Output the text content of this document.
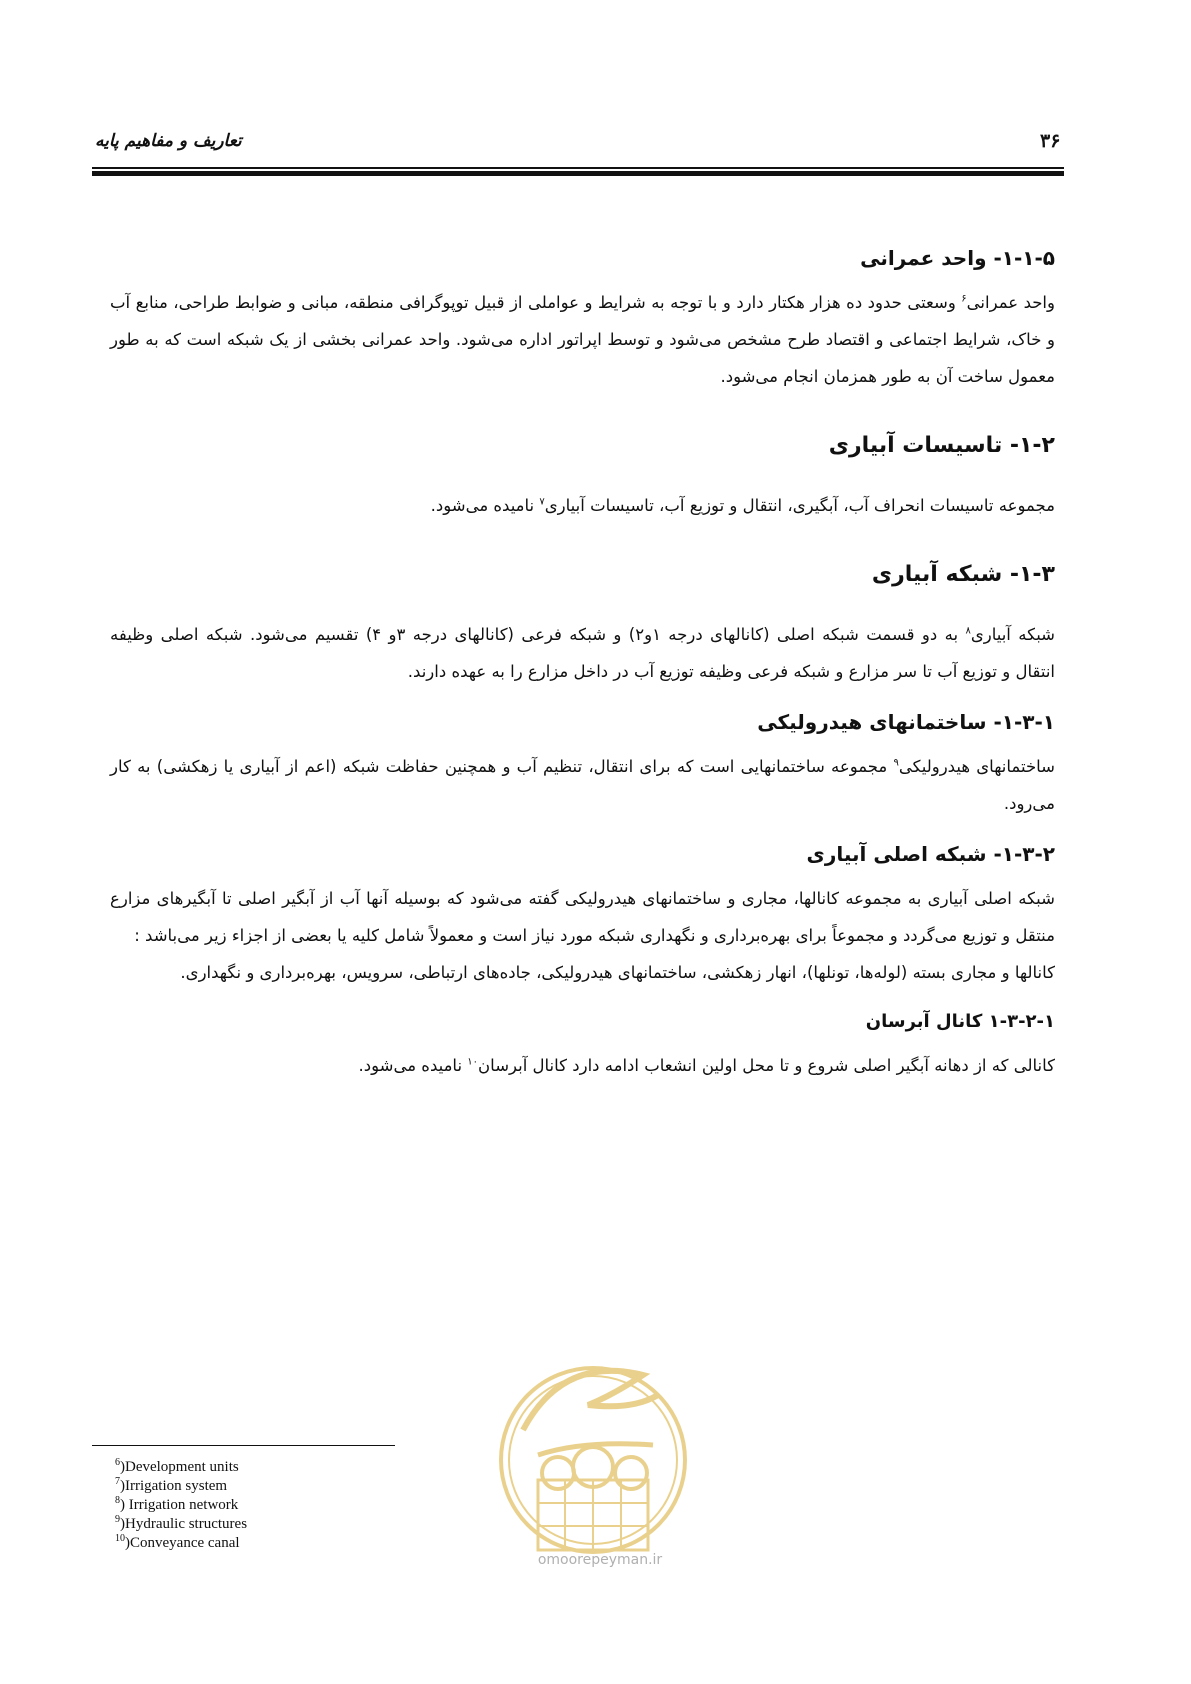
۳۶
تعاریف و مفاهیم پایه
۱-۱-۵- واحد عمرانی

واحد عمرانی$^۶$ وسعتی حدود ده هزار هکتار دارد و با توجه به شرایط و عواملی از قبیل توپوگرافی منطقه، مبانی و ضوابط طراحی، منابع آب و خاک، شرایط اجتماعی و اقتصاد طرح مشخص می‌شود و توسط اپراتور اداره می‌شود. واحد عمرانی بخشی از یک شبکه است که به طور معمول ساخت آن به طور همزمان انجام می‌شود.

۱-۲- تاسیسات آبیاری

مجموعه تاسیسات انحراف آب، آبگیری، انتقال و توزیع آب، تاسیسات آبیاری$^۷$ نامیده می‌شود.

۱-۳- شبکه آبیاری

شبکه آبیاری$^۸$ به دو قسمت شبکه اصلی (کانالهای درجه ۱و۲) و شبکه فرعی (کانالهای درجه ۳و ۴) تقسیم می‌شود. شبکه اصلی وظیفه انتقال و توزیع آب تا سر مزارع و شبکه فرعی وظیفه توزیع آب در داخل مزارع را به عهده دارند.

۱-۳-۱- ساختمانهای هیدرولیکی

ساختمانهای هیدرولیکی$^۹$ مجموعه ساختمانهایی است که برای انتقال، تنظیم آب و همچنین حفاظت شبکه (اعم از آبیاری یا زهکشی) به کار می‌رود.

۱-۳-۲- شبکه اصلی آبیاری

شبکه اصلی آبیاری به مجموعه کانالها، مجاری و ساختمانهای هیدرولیکی گفته می‌شود که بوسیله آنها آب از آبگیر اصلی تا آبگیرهای مزارع منتقل و توزیع می‌گردد و مجموعاً برای بهره‌برداری و نگهداری شبکه مورد نیاز است و معمولاً شامل کلیه یا بعضی از اجزاء زیر می‌باشد :

کانالها و مجاری بسته (لوله‌ها، تونلها)، انهار زهکشی، ساختمانهای هیدرولیکی، جاده‌های ارتباطی، سرویس، بهره‌برداری و نگهداری.

۱-۳-۲-۱ کانال آبرسان

کانالی که از دهانه آبگیر اصلی شروع و تا محل اولین انشعاب ادامه دارد کانال آبرسان$^{۱۰}$ نامیده می‌شود.

omoorepeyman.ir
$^6$)Development units
$^7$)Irrigation system
$^8$) Irrigation network
$^9$)Hydraulic structures
$^{10}$)Conveyance canal
